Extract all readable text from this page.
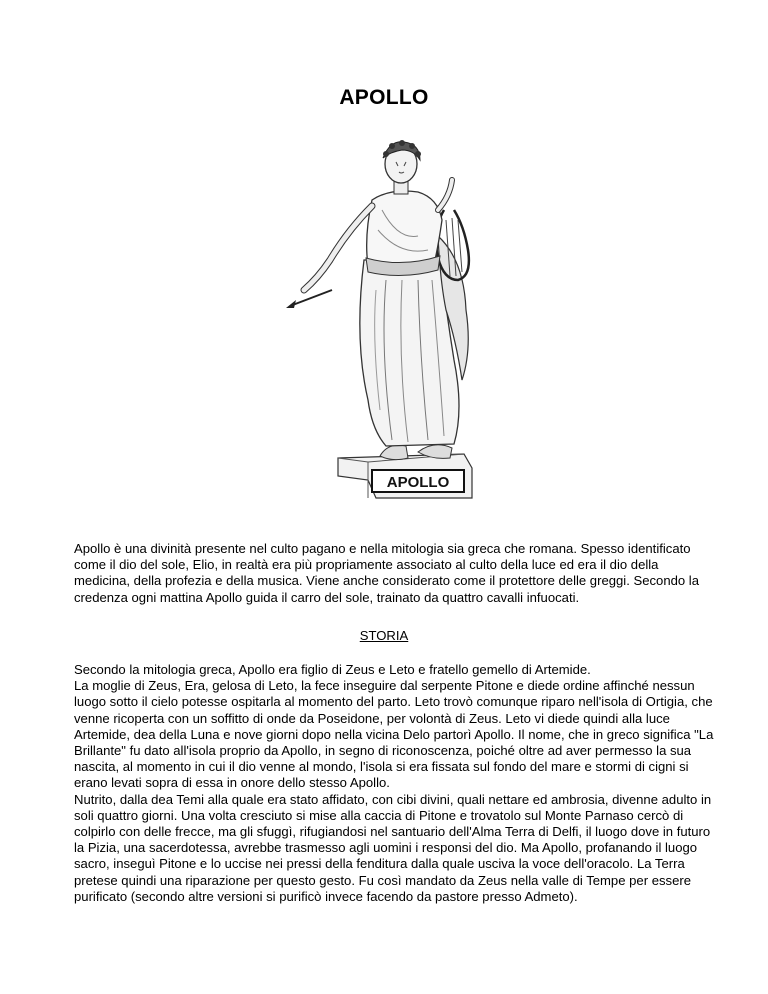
APOLLO
APOLLO

Apollo è una divinità presente nel culto pagano e nella mitologia sia greca che romana. Spesso identificato come il dio del sole, Elio, in realtà era più propriamente associato al culto della luce ed era il dio della medicina, della profezia e della musica. Viene anche considerato come il protettore delle greggi. Secondo la credenza ogni mattina Apollo guida il carro del sole, trainato da quattro cavalli infuocati.

STORIA

Secondo la mitologia greca, Apollo era figlio di Zeus e Leto e fratello gemello di Artemide.

La moglie di Zeus, Era, gelosa di Leto, la fece inseguire dal serpente Pitone e diede ordine affinché nessun luogo sotto il cielo potesse ospitarla al momento del parto. Leto trovò comunque riparo nell'isola di Ortigia, che venne ricoperta con un soffitto di onde da Poseidone, per volontà di Zeus. Leto vi diede quindi alla luce Artemide, dea della Luna e nove giorni dopo nella vicina Delo partorì Apollo. Il nome, che in greco significa "La Brillante" fu dato all'isola proprio da Apollo, in segno di riconoscenza, poiché oltre ad aver permesso la sua nascita, al momento in cui il dio venne al mondo, l'isola si era fissata sul fondo del mare e stormi di cigni si erano levati sopra di essa in onore dello stesso Apollo.

Nutrito, dalla dea Temi alla quale era stato affidato, con cibi divini, quali nettare ed ambrosia, divenne adulto in soli quattro giorni. Una volta cresciuto si mise alla caccia di Pitone e trovatolo sul Monte Parnaso cercò di colpirlo con delle frecce, ma gli sfuggì, rifugiandosi nel santuario dell'Alma Terra di Delfi, il luogo dove in futuro la Pizia, una sacerdotessa, avrebbe trasmesso agli uomini i responsi del dio. Ma Apollo, profanando il luogo sacro, inseguì Pitone e lo uccise nei pressi della fenditura dalla quale usciva la voce dell'oracolo. La Terra pretese quindi una riparazione per questo gesto. Fu così mandato da Zeus nella valle di Tempe per essere purificato (secondo altre versioni si purificò invece facendo da pastore presso Admeto).
